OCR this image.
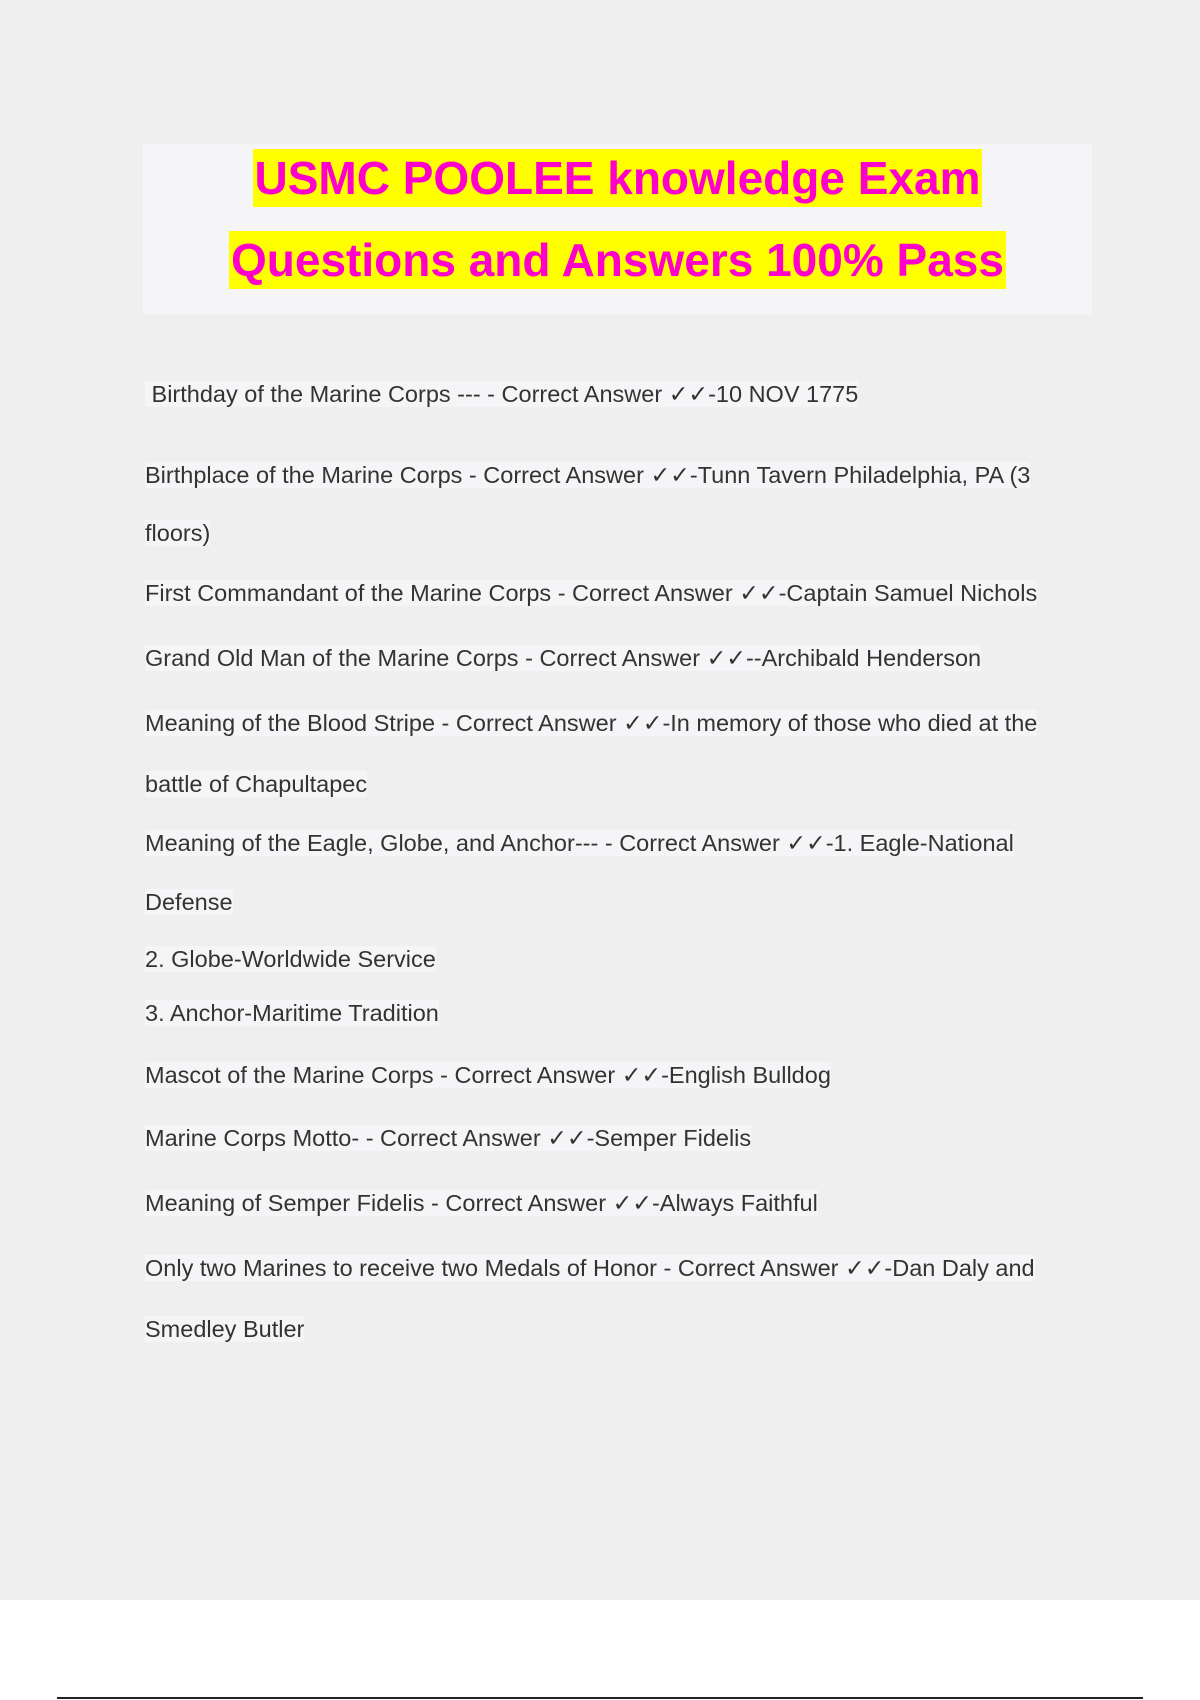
USMC POOLEE knowledge Exam
Questions and Answers 100% Pass
Birthday of the Marine Corps --- - Correct Answer ✓✓-10 NOV 1775
Birthplace of the Marine Corps - Correct Answer ✓✓-Tunn Tavern Philadelphia, PA (3
floors)
First Commandant of the Marine Corps - Correct Answer ✓✓-Captain Samuel Nichols
Grand Old Man of the Marine Corps - Correct Answer ✓✓--Archibald Henderson
Meaning of the Blood Stripe - Correct Answer ✓✓-In memory of those who died at the
battle of Chapultapec
Meaning of the Eagle, Globe, and Anchor--- - Correct Answer ✓✓-1. Eagle-National
Defense
2. Globe-Worldwide Service
3. Anchor-Maritime Tradition
Mascot of the Marine Corps - Correct Answer ✓✓-English Bulldog
Marine Corps Motto- - Correct Answer ✓✓-Semper Fidelis
Meaning of Semper Fidelis - Correct Answer ✓✓-Always Faithful
Only two Marines to receive two Medals of Honor - Correct Answer ✓✓-Dan Daly and
Smedley Butler
